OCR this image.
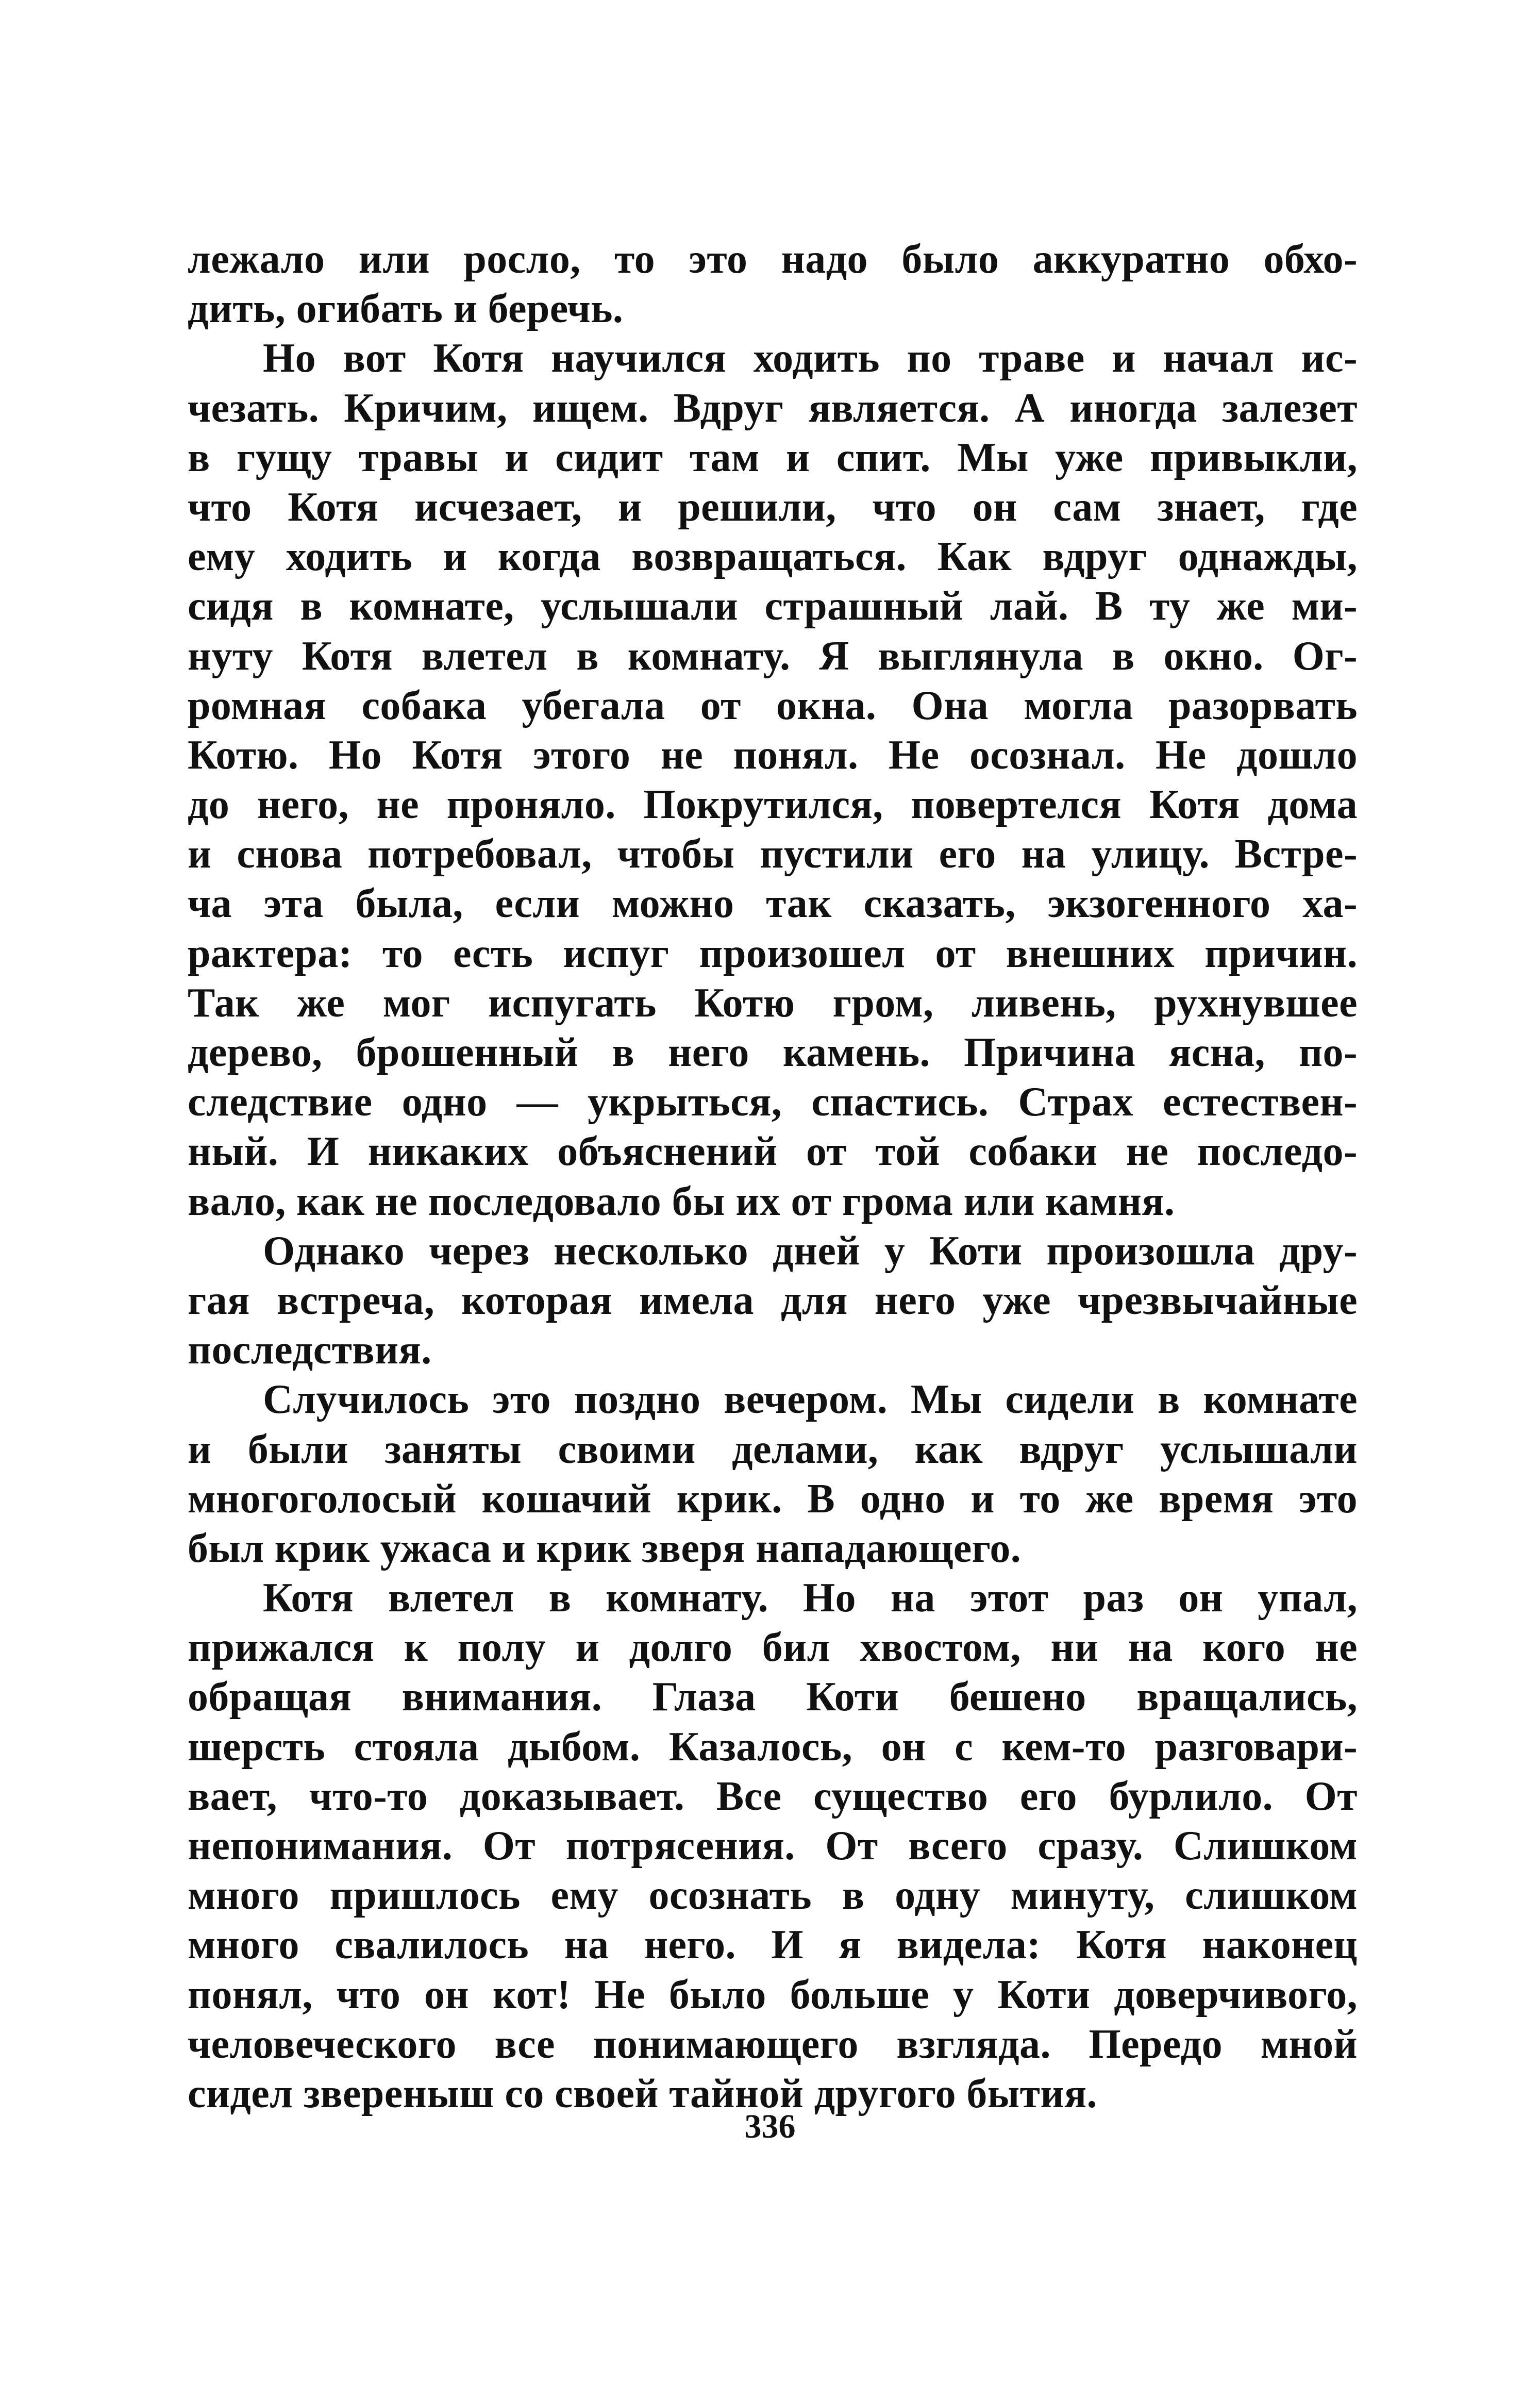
лежало или росло, то это надо было аккуратно обхо-
дить, огибать и беречь.
Но вот Котя научился ходить по траве и начал ис-
чезать. Кричим, ищем. Вдруг является. А иногда залезет
в гущу травы и сидит там и спит. Мы уже привыкли,
что Котя исчезает, и решили, что он сам знает, где
ему ходить и когда возвращаться. Как вдруг однажды,
сидя в комнате, услышали страшный лай. В ту же ми-
нуту Котя влетел в комнату. Я выглянула в окно. Ог-
ромная собака убегала от окна. Она могла разорвать
Котю. Но Котя этого не понял. Не осознал. Не дошло
до него, не проняло. Покрутился, повертелся Котя дома
и снова потребовал, чтобы пустили его на улицу. Встре-
ча эта была, если можно так сказать, экзогенного ха-
рактера: то есть испуг произошел от внешних причин.
Так же мог испугать Котю гром, ливень, рухнувшее
дерево, брошенный в него камень. Причина ясна, по-
следствие одно — укрыться, спастись. Страх естествен-
ный. И никаких объяснений от той собаки не последо-
вало, как не последовало бы их от грома или камня.
Однако через несколько дней у Коти произошла дру-
гая встреча, которая имела для него уже чрезвычайные
последствия.
Случилось это поздно вечером. Мы сидели в комнате
и были заняты своими делами, как вдруг услышали
многоголосый кошачий крик. В одно и то же время это
был крик ужаса и крик зверя нападающего.
Котя влетел в комнату. Но на этот раз он упал,
прижался к полу и долго бил хвостом, ни на кого не
обращая внимания. Глаза Коти бешено вращались,
шерсть стояла дыбом. Казалось, он с кем-то разговари-
вает, что-то доказывает. Все существо его бурлило. От
непонимания. От потрясения. От всего сразу. Слишком
много пришлось ему осознать в одну минуту, слишком
много свалилось на него. И я видела: Котя наконец
понял, что он кот! Не было больше у Коти доверчивого,
человеческого все понимающего взгляда. Передо мной
сидел звереныш со своей тайной другого бытия.
336
